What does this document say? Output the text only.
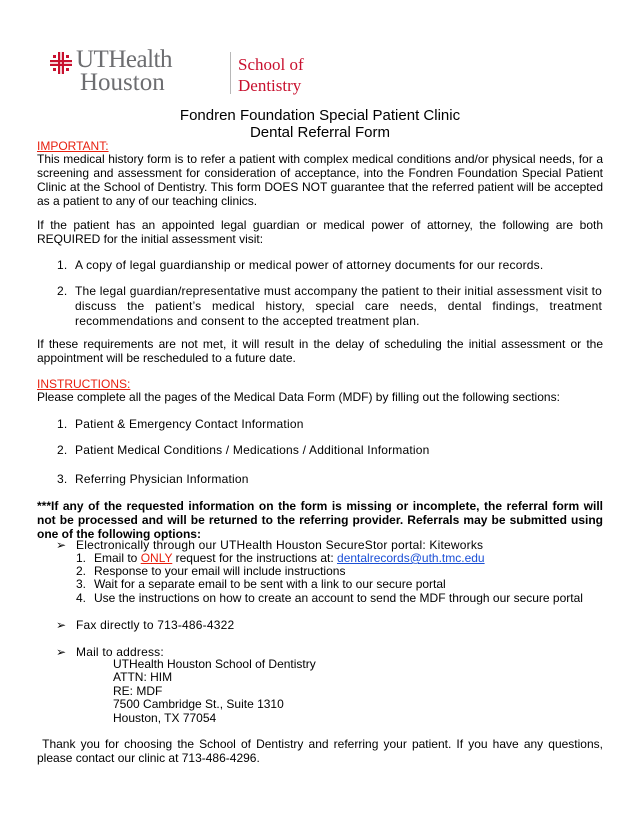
UTHealth
Houston
School of
Dentistry
Fondren Foundation Special Patient Clinic
Dental Referral Form
IMPORTANT:
This medical history form is to refer a patient with complex medical conditions and/or physical needs, for a screening and assessment for consideration of acceptance, into the Fondren Foundation Special Patient Clinic at the School of Dentistry. This form DOES NOT guarantee that the referred patient will be accepted as a patient to any of our teaching clinics.
If the patient has an appointed legal guardian or medical power of attorney, the following are both REQUIRED for the initial assessment visit:
1. A copy of legal guardianship or medical power of attorney documents for our records.
2. The legal guardian/representative must accompany the patient to their initial assessment visit to discuss the patient’s medical history, special care needs, dental findings, treatment recommendations and consent to the accepted treatment plan.
If these requirements are not met, it will result in the delay of scheduling the initial assessment or the appointment will be rescheduled to a future date.
INSTRUCTIONS:
Please complete all the pages of the Medical Data Form (MDF) by filling out the following sections:
1. Patient & Emergency Contact Information
2. Patient Medical Conditions / Medications / Additional Information
3. Referring Physician Information
***If any of the requested information on the form is missing or incomplete, the referral form will not be processed and will be returned to the referring provider. Referrals may be submitted using one of the following options:
➢ Electronically through our UTHealth Houston SecureStor portal: Kiteworks
1. Email to ONLY request for the instructions at: dentalrecords@uth.tmc.edu
2. Response to your email will include instructions
3. Wait for a separate email to be sent with a link to our secure portal
4. Use the instructions on how to create an account to send the MDF through our secure portal
➢ Fax directly to 713-486-4322
➢ Mail to address:
UTHealth Houston School of Dentistry
ATTN: HIM
RE: MDF
7500 Cambridge St., Suite 1310
Houston, TX 77054
Thank you for choosing the School of Dentistry and referring your patient. If you have any questions, please contact our clinic at 713-486-4296.
